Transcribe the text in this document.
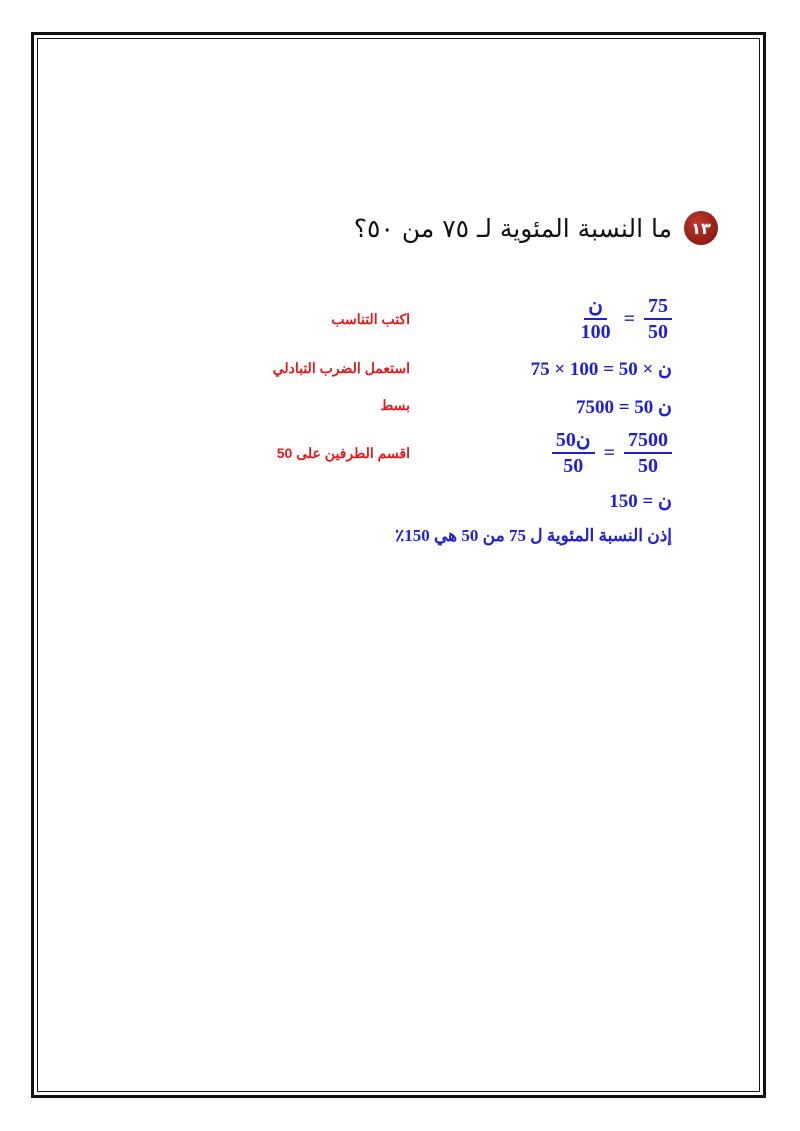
١٣
ما النسبة المئوية لـ ٧٥ من ٥٠؟
$\frac{\text{ن}}{100} = \frac{75}{50}$
اكتب التناسب
75 × 100 = 50 × ن
استعمل الضرب التبادلي
7500 = 50 ن
بسط
$\frac{\text{50ن}}{50} = \frac{7500}{50}$
اقسم الطرفين على 50
150 = ن
إذن النسبة المئوية ل 75 من 50 هي 150٪
